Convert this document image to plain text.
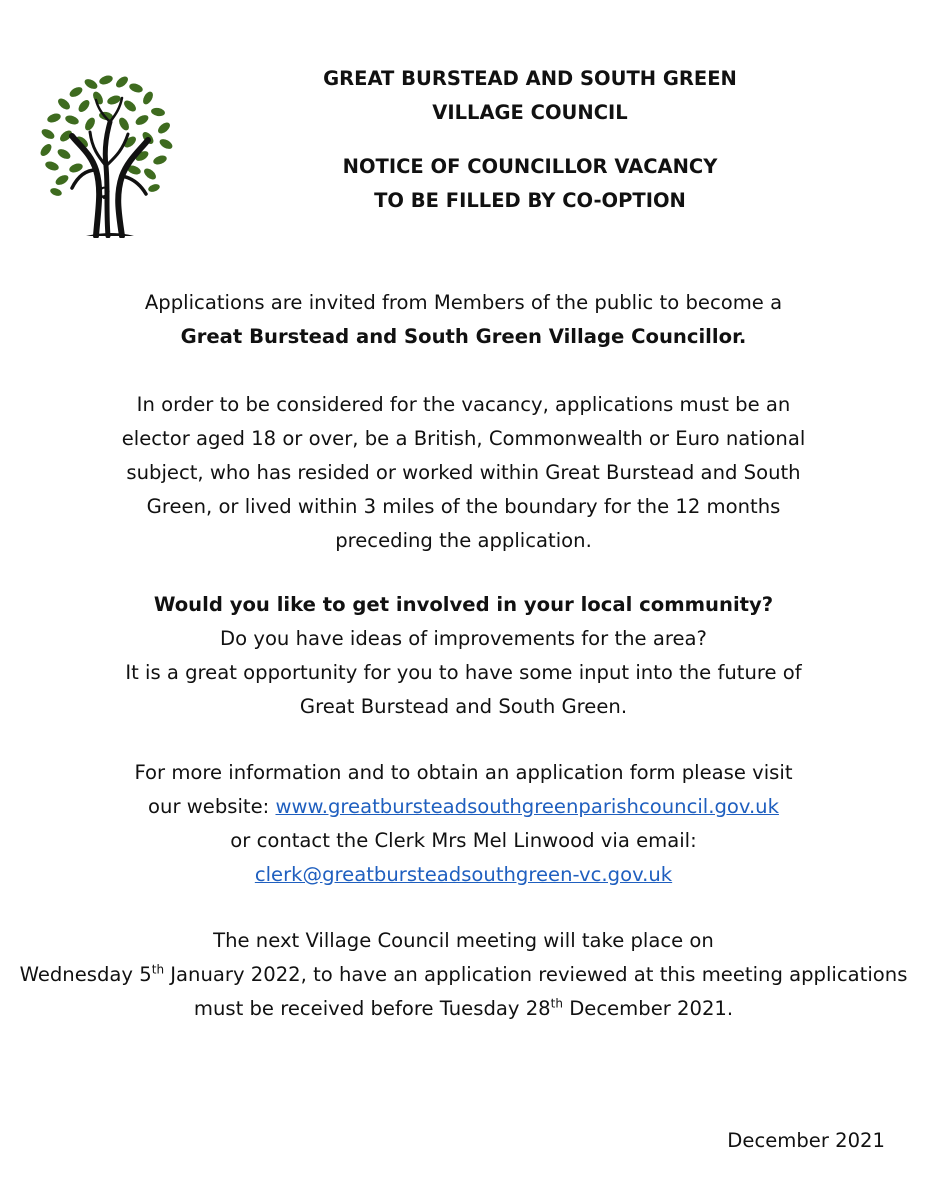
GREAT BURSTEAD AND SOUTH GREEN
VILLAGE COUNCIL
NOTICE OF COUNCILLOR VACANCY
TO BE FILLED BY CO-OPTION
Applications are invited from Members of the public to become a
Great Burstead and South Green Village Councillor.
In order to be considered for the vacancy, applications must be an
elector aged 18 or over, be a British, Commonwealth or Euro national
subject, who has resided or worked within Great Burstead and South
Green, or lived within 3 miles of the boundary for the 12 months
preceding the application.
Would you like to get involved in your local community?
Do you have ideas of improvements for the area?
It is a great opportunity for you to have some input into the future of
Great Burstead and South Green.
For more information and to obtain an application form please visit
our website: www.greatbursteadsouthgreenparishcouncil.gov.uk
or contact the Clerk Mrs Mel Linwood via email:
clerk@greatbursteadsouthgreen-vc.gov.uk
The next Village Council meeting will take place on
Wednesday 5th January 2022, to have an application reviewed at this meeting applications must be received before Tuesday 28th December 2021.
December 2021
